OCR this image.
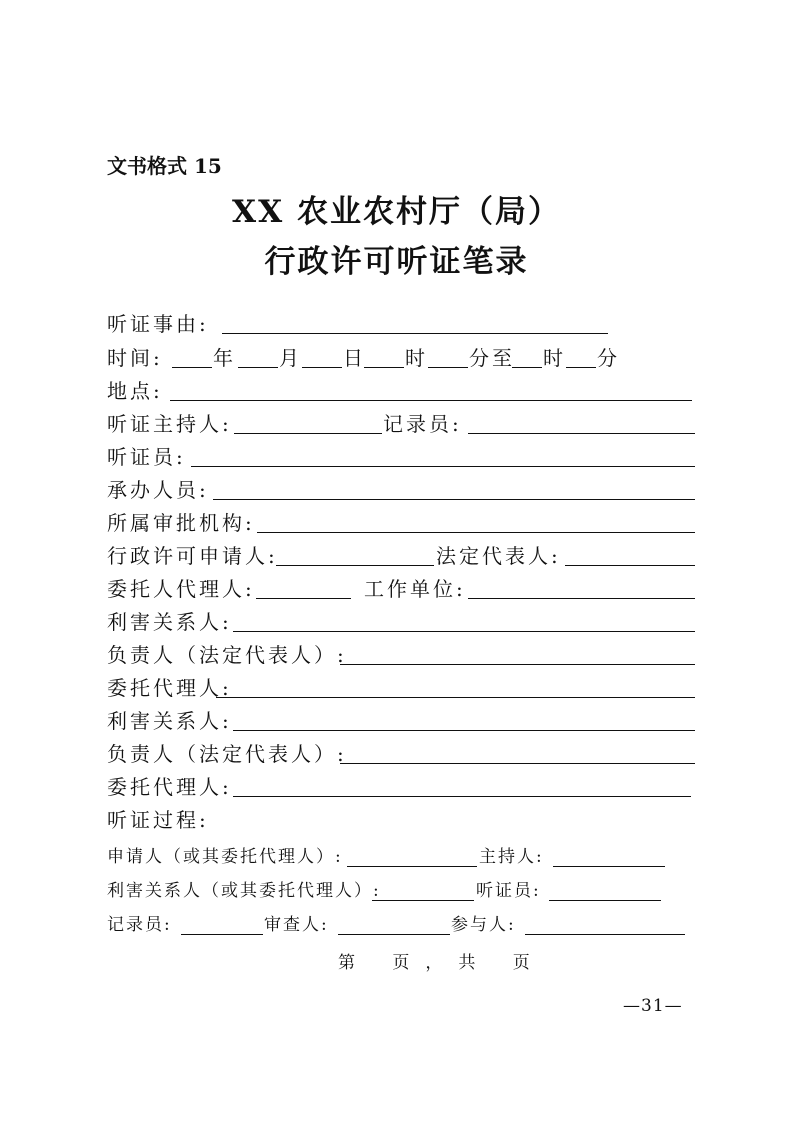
文书格式 15
XX 农业农村厅（局）
行政许可听证笔录
听证事由:
时间:	年 月 日 时 分至 时 分
地点:
听证主持人:	记录员:
听证员:
承办人员:
所属审批机构:
行政许可申请人:	法定代表人:
委托人代理人:	工作单位:
利害关系人:
负责人（法定代表人）:
委托代理人:
利害关系人:
负责人（法定代表人）:
委托代理人:
听证过程:
申请人（或其委托代理人）:	主持人:
利害关系人（或其委托代理人）:	听证员:
记录员:	审查人:	参与人:
第 页，共 页
—31—
